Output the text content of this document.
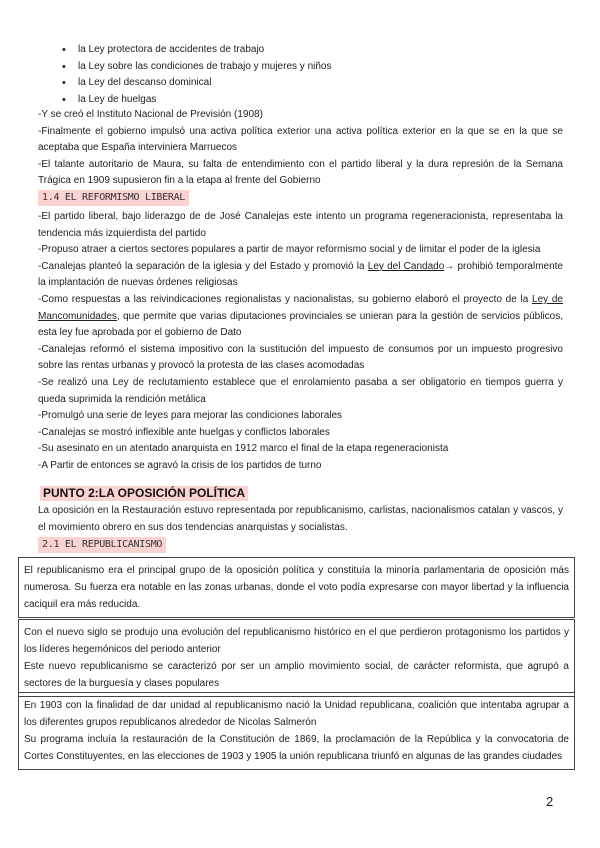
• la Ley protectora de accidentes de trabajo
• la Ley sobre las condiciones de trabajo y mujeres y niños
• la Ley del descanso dominical
• la Ley de huelgas

-Y se creó el Instituto Nacional de Previsión (1908)

-Finalmente el gobierno impulsó una activa política exterior una activa política exterior en la que se en la que se aceptaba que España interviniera Marruecos

-El talante autoritario de Maura, su falta de entendimiento con el partido liberal y la dura represión de la Semana Trágica en 1909 supusieron fin a la etapa al frente del Gobierno

1.4 EL REFORMISMO LIBERAL

-El partido liberal, bajo liderazgo de de José Canalejas este intento un programa regeneracionista, representaba la tendencia más izquierdista del partido

-Propuso atraer a ciertos sectores populares a partir de mayor reformismo social y de limitar el poder de la iglesia

-Canalejas planteó la separación de la iglesia y del Estado y promovió la Ley del Candado→ prohibió temporalmente la implantación de nuevas órdenes religiosas

-Como respuestas a las reivindicaciones regionalistas y nacionalistas, su gobierno elaboró el proyecto de la Ley de Mancomunidades, que permite que varias diputaciones provinciales se unieran para la gestión de servicios públicos, esta ley fue aprobada por el gobierno de Dato

-Canalejas reformó el sistema impositivo con la sustitución del impuesto de consumos por un impuesto progresivo sobre las rentas urbanas y provocó la protesta de las clases acomodadas

-Se realizó una Ley de reclutamiento establece que el enrolamiento pasaba a ser obligatorio en tiempos guerra y queda suprimida la rendición metálica

-Promulgó una serie de leyes para mejorar las condiciones laborales

-Canalejas se mostró inflexible ante huelgas y conflictos laborales

-Su asesinato en un atentado anarquista en 1912 marco el final de la etapa regeneracionista

-A Partir de entonces se agravó la crisis de los partidos de turno

PUNTO 2:LA OPOSICIÓN POLÍTICA

La oposición en la Restauración estuvo representada por republicanismo, carlistas, nacionalismos catalan y vascos, y el movimiento obrero en sus dos tendencias anarquistas y socialistas.

2.1 EL REPUBLICANISMO

El republicanismo era el principal grupo de la oposición política y constituía la minoría parlamentaria de oposición más numerosa. Su fuerza era notable en las zonas urbanas, donde el voto podía expresarse con mayor libertad y la influencia caciquil era más reducida.

Con el nuevo siglo se produjo una evolución del republicanismo histórico en el que perdieron protagonismo los partidos y los líderes hegemónicos del periodo anterior

Este nuevo republicanismo se caracterizó por ser un amplio movimiento social, de carácter reformista, que agrupó a sectores de la burguesía y clases populares

En 1903 con la finalidad de dar unidad al republicanismo nació la Unidad republicana, coalición que intentaba agrupar a los diferentes grupos republicanos alrededor de Nicolas Salmerón

Su programa incluía la restauración de la Constitución de 1869, la proclamación de la República y la convocatoria de Cortes Constituyentes, en las elecciones de 1903 y 1905 la unión republicana triunfó en algunas de las grandes ciudades

2
